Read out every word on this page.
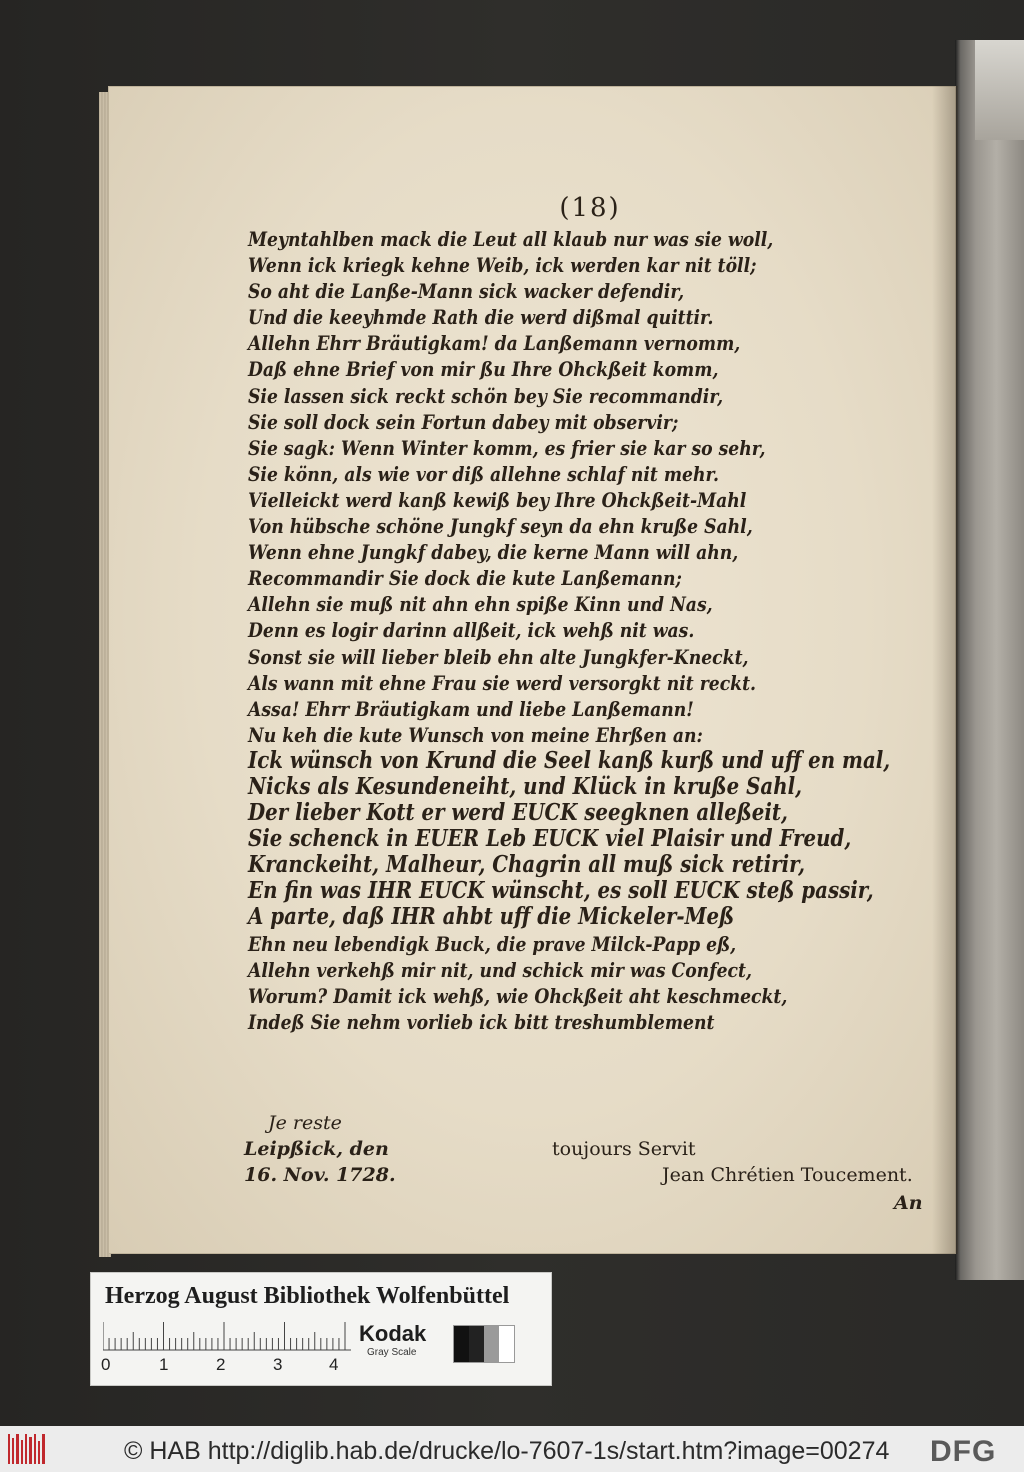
(18)
Meyntahlben mack die Leut all klaub nur was sie woll,
Wenn ick kriegk kehne Weib, ick werden kar nit töll;
So aht die Lanße-Mann sick wacker defendir,
Und die keeyhmde Rath die werd dißmal quittir.
Allehn Ehrr Bräutigkam! da Lanßemann vernomm,
Daß ehne Brief von mir ßu Ihre Ohckßeit komm,
Sie lassen sick reckt schön bey Sie recommandir,
Sie soll dock sein Fortun dabey mit observir;
Sie sagk: Wenn Winter komm, es frier sie kar so sehr,
Sie könn, als wie vor diß allehne schlaf nit mehr.
Vielleickt werd kanß kewiß bey Ihre Ohckßeit-Mahl
Von hübsche schöne Jungkf seyn da ehn kruße Sahl,
Wenn ehne Jungkf dabey, die kerne Mann will ahn,
Recommandir Sie dock die kute Lanßemann;
Allehn sie muß nit ahn ehn spiße Kinn und Nas,
Denn es logir darinn allßeit, ick wehß nit was.
Sonst sie will lieber bleib ehn alte Jungkfer-Kneckt,
Als wann mit ehne Frau sie werd versorgkt nit reckt.
Assa! Ehrr Bräutigkam und liebe Lanßemann!
Nu keh die kute Wunsch von meine Ehrßen an:
Ick wünsch von Krund die Seel kanß kurß und uff en mal,
Nicks als Kesundeneiht, und Klück in kruße Sahl,
Der lieber Kott er werd EUCK seegknen alleßeit,
Sie schenck in EUER Leb EUCK viel Plaisir und Freud,
Kranckeiht, Malheur, Chagrin all muß sick retirir,
En fin was IHR EUCK wünscht, es soll EUCK steß passir,
A parte, daß IHR ahbt uff die Mickeler-Meß
Ehn neu lebendigk Buck, die prave Milck-Papp eß,
Allehn verkehß mir nit, und schick mir was Confect,
Worum? Damit ick wehß, wie Ohckßeit aht keschmeckt,
Indeß Sie nehm vorlieb ick bitt treshumblement
Je reste
Leipßick, den
16. Nov. 1728.
toujours Servit
Jean Chrétien Toucement.
An
Herzog August Bibliothek Wolfenbüttel
0	1	2	3	4
Kodak
Gray Scale
© HAB http://diglib.hab.de/drucke/lo-7607-1s/start.htm?image=00274 DFG
